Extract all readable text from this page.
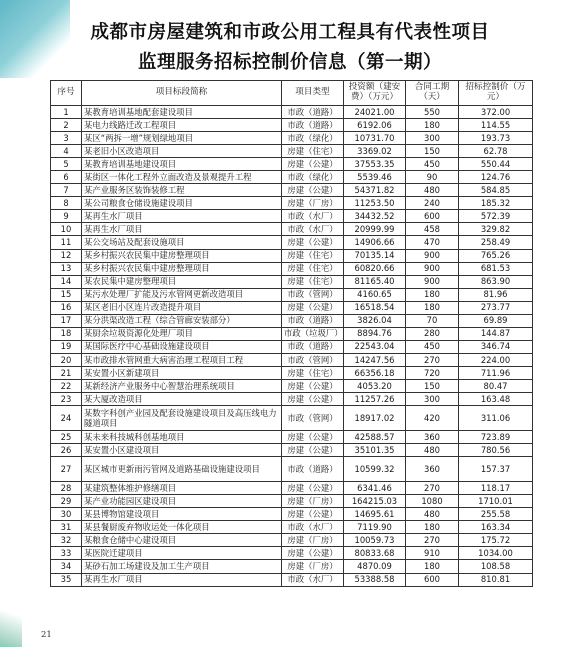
成都市房屋建筑和市政公用工程具有代表性项目
监理服务招标控制价信息（第一期）
序号	项目标段简称	项目类型	投资额（建安费）（万元）	合同工期（天）	招标控制价（万元）
1	某教育培训基地配套建设项目	市政（道路）	24021.00	550	372.00
2	某电力线路迁改工程项目	市政（道路）	6192.06	180	114.55
3	某区“两拆一增”规划绿地项目	市政（绿化）	10731.70	300	193.73
4	某老旧小区改造项目	房建（住宅）	3369.02	150	62.78
5	某教育培训基地建设项目	房建（公建）	37553.35	450	550.44
6	某街区一体化工程外立面改造及景观提升工程	市政（绿化）	5539.46	90	124.76
7	某产业服务区装饰装修工程	房建（公建）	54371.82	480	584.85
8	某公司粮食仓储设施建设项目	房建（厂房）	11253.50	240	185.32
9	某再生水厂项目	市政（水厂）	34432.52	600	572.39
10	某再生水厂项目	市政（水厂）	20999.99	458	329.82
11	某公交场站及配套设施项目	房建（公建）	14906.66	470	258.49
12	某乡村振兴农民集中建房整理项目	房建（住宅）	70135.14	900	765.26
13	某乡村振兴农民集中建房整理项目	房建（住宅）	60820.66	900	681.53
14	某农民集中建房整理项目	房建（住宅）	81165.40	900	863.90
15	某污水处理厂扩能及污水管网更新改造项目	市政（管网）	4160.65	180	81.96
16	某区老旧小区连片改造提升项目	房建（公建）	16518.54	180	273.77
17	某分洪渠改造工程（综合管廊安装部分）	市政（道路）	3826.04	70	69.89
18	某厨余垃圾资源化处理厂项目	市政（垃圾厂）	8894.76	280	144.87
19	某国际医疗中心基础设施建设项目	市政（道路）	22543.04	450	346.74
20	某市政排水管网重大病害治理工程项目工程	市政（管网）	14247.56	270	224.00
21	某安置小区新建项目	房建（住宅）	66356.18	720	711.96
22	某新经济产业服务中心智慧治理系统项目	房建（公建）	4053.20	150	80.47
23	某大厦改造项目	房建（公建）	11257.26	300	163.48
24	某数字科创产业园及配套设施建设项目及高压线电力隧道项目	市政（管网）	18917.02	420	311.06
25	某未来科技城科创基地项目	房建（公建）	42588.57	360	723.89
26	某安置小区建设项目	房建（公建）	35101.35	480	780.56
27	某区城市更新雨污管网及道路基础设施建设项目	市政（道路）	10599.32	360	157.37
28	某建筑整体维护修缮项目	房建（公建）	6341.46	270	118.17
29	某产业功能园区建设项目	房建（厂房）	164215.03	1080	1710.01
30	某县博物馆建设项目	房建（公建）	14695.61	480	255.58
31	某县餐厨废弃物收运处一体化项目	市政（水厂）	7119.90	180	163.34
32	某粮食仓储中心建设项目	房建（厂房）	10059.73	270	175.72
33	某医院迁建项目	房建（公建）	80833.68	910	1034.00
34	某砂石加工场建设及加工生产项目	房建（厂房）	4870.09	180	108.58
35	某再生水厂项目	市政（水厂）	53388.58	600	810.81
21
